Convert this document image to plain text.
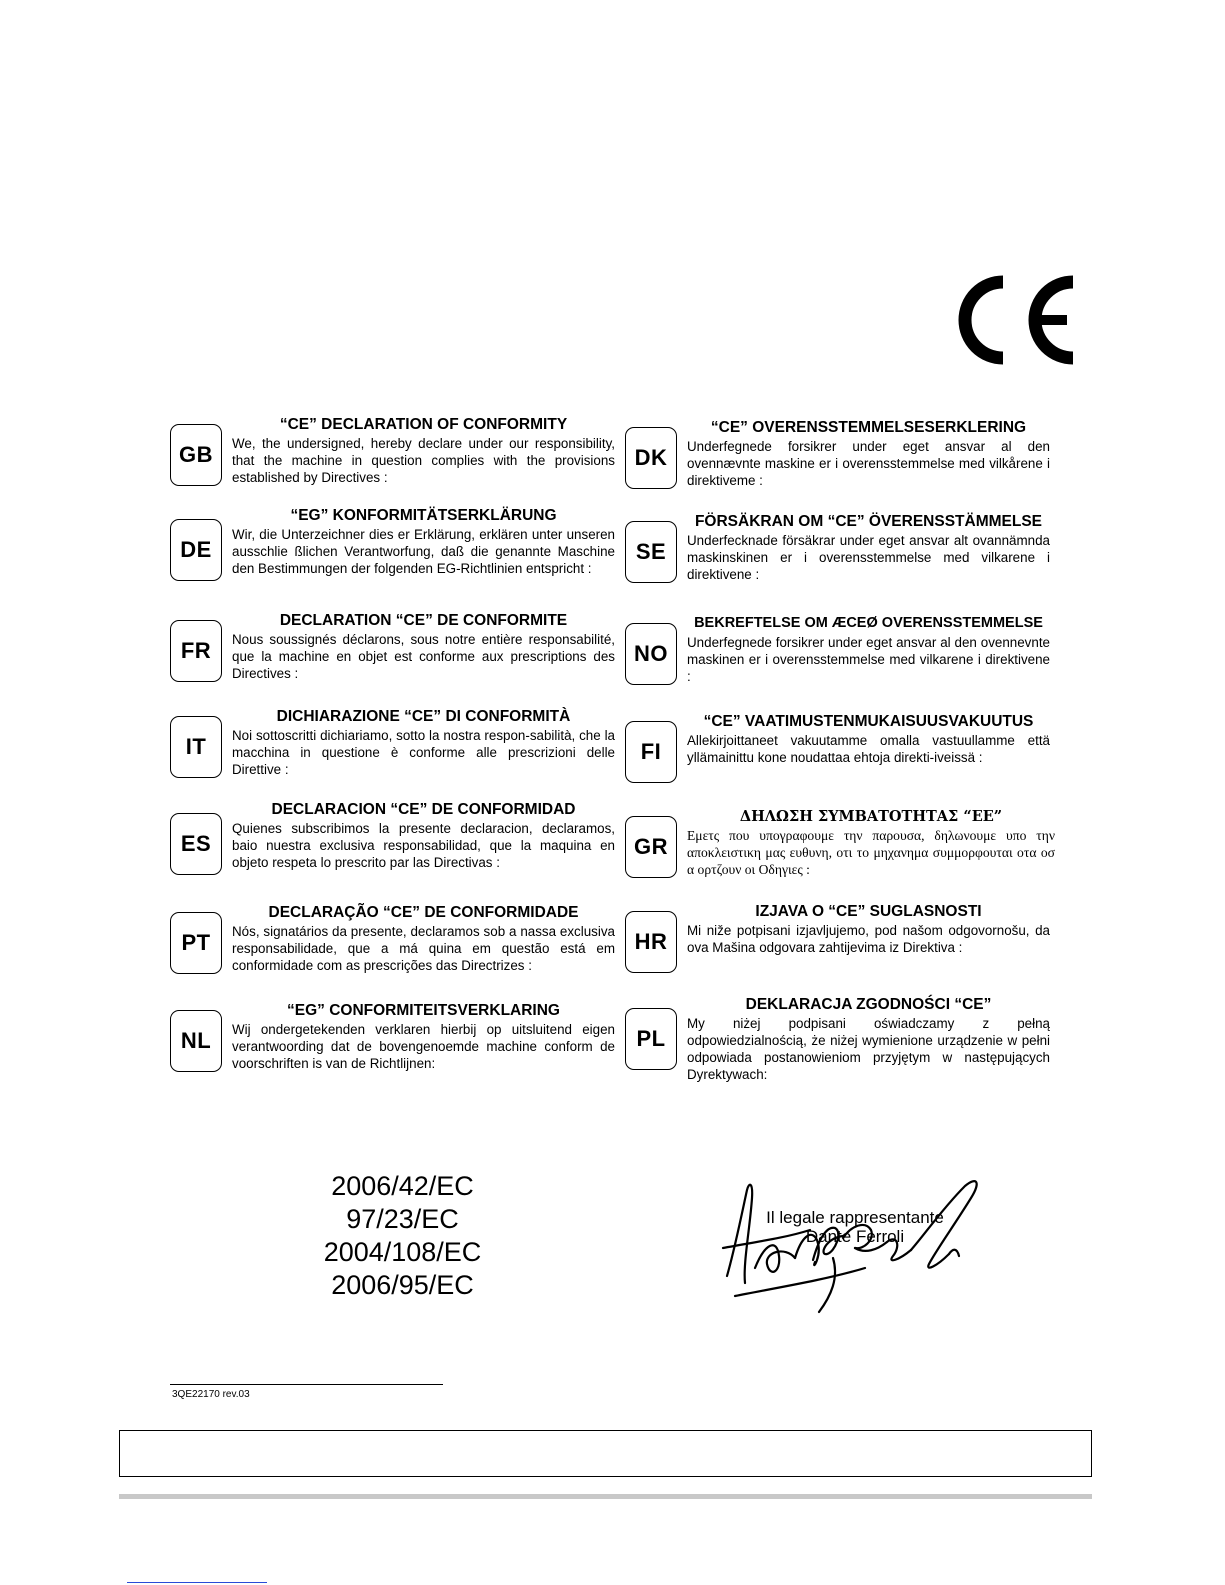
GB
“CE” DECLARATION OF CONFORMITY
We, the undersigned, hereby declare under our responsibility, that the machine in question complies with the provisions established by Directives :
DE
“EG” KONFORMITÄTSERKLÄRUNG
Wir, die Unterzeichner dies er Erklärung, erklären unter unseren ausschlie ßlichen Verantworfung, daß die genannte Maschine den Bestimmungen der folgenden EG-Richtlinien entspricht :
FR
DECLARATION “CE” DE CONFORMITE
Nous soussignés déclarons, sous notre entière responsabilité, que la machine en objet est conforme aux prescriptions des Directives :
IT
DICHIARAZIONE “CE” DI CONFORMITÀ
Noi sottoscritti dichiariamo, sotto la nostra respon-sabilità, che la macchina in questione è conforme alle prescrizioni delle Direttive :
ES
DECLARACION “CE” DE CONFORMIDAD
Quienes subscribimos la presente declaracion, declaramos, baio nuestra exclusiva responsabilidad, que la maquina en objeto respeta lo prescrito par las Directivas :
PT
DECLARAÇÃO “CE” DE CONFORMIDADE
Nós, signatários da presente, declaramos sob a nassa exclusiva responsabilidade, que a má quina em questão está em conformidade com as prescrições das Directrizes :
NL
“EG” CONFORMITEITSVERKLARING
Wij ondergetekenden verklaren hierbij op uitsluitend eigen verantwoording dat de bovengenoemde machine conform de voorschriften is van de Richtlijnen:
DK
“CE” OVERENSSTEMMELSESERKLERING
Underfegnede forsikrer under eget ansvar al den ovennævnte maskine er i overensstemmelse med vilkårene i direktiveme :
SE
FÖRSÄKRAN OM “CE” ÖVERENSSTÄMMELSE
Underfecknade försäkrar under eget ansvar alt ovannämnda maskinskinen er i overensstemmelse med vilkarene i direktivene :
NO
BEKREFTELSE OM ÆCEØ OVERENSSTEMMELSE
Underfegnede forsikrer under eget ansvar al den ovennevnte maskinen er i overensstemmelse med vilkarene i direktivene :
FI
“CE” VAATIMUSTENMUKAISUUSVAKUUTUS
Allekirjoittaneet vakuutamme omalla vastuullamme että yllämainittu kone noudattaa ehtoja direkti-iveissä :
GR
ΔΗΛΩΣΗ ΣΥΜΒΑΤΟΤΗΤΑΣ “ΕΕ”
Εμετς που υπογραφουμε την παρουσα, δηλωνουμε υπο την αποκλειστικη μας ευθυνη, οτι το μηχανημα συμμορφουται οτα οσ α ορτζουν οι Οδηγιες :
HR
IZJAVA O “CE” SUGLASNOSTI
Mi niže potpisani izjavljujemo, pod našom odgovornošu, da ova Mašina odgovara zahtijevima iz Direktiva :
PL
DEKLARACJA ZGODNOŚCI “CE”
My niżej podpisani oświadczamy z pełną odpowiedzialnością, że niżej wymienione urządzenie w pełni odpowiada postanowieniom przyjętym w następujących Dyrektywach:
2006/42/EC
97/23/EC
2004/108/EC
2006/95/EC
Il legale rappresentante
Dante Ferroli
3QE22170 rev.03
